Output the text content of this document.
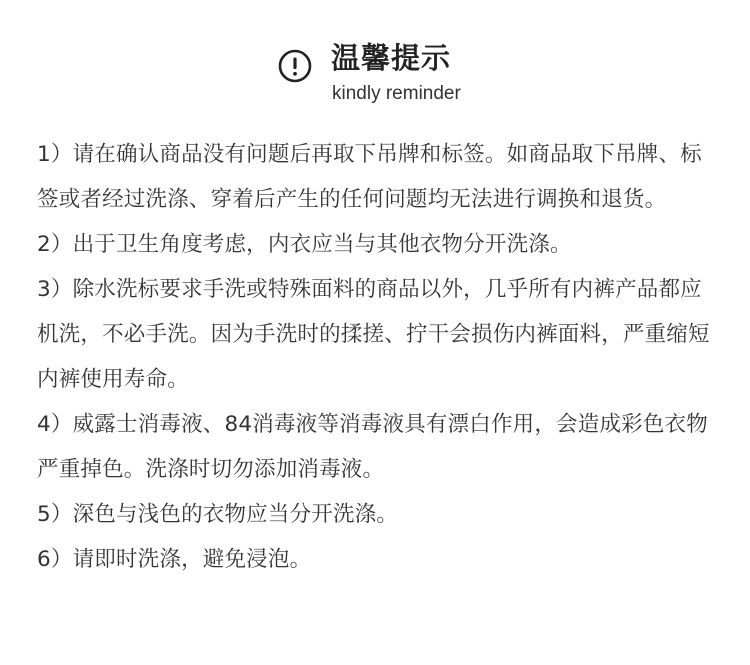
温馨提示
kindly reminder
1）请在确认商品没有问题后再取下吊牌和标签。如商品取下吊牌、标签或者经过洗涤、穿着后产生的任何问题均无法进行调换和退货。
2）出于卫生角度考虑，内衣应当与其他衣物分开洗涤。
3）除水洗标要求手洗或特殊面料的商品以外，几乎所有内裤产品都应机洗，不必手洗。因为手洗时的揉搓、拧干会损伤内裤面料，严重缩短内裤使用寿命。
4）威露士消毒液、84消毒液等消毒液具有漂白作用，会造成彩色衣物严重掉色。洗涤时切勿添加消毒液。
5）深色与浅色的衣物应当分开洗涤。
6）请即时洗涤，避免浸泡。
